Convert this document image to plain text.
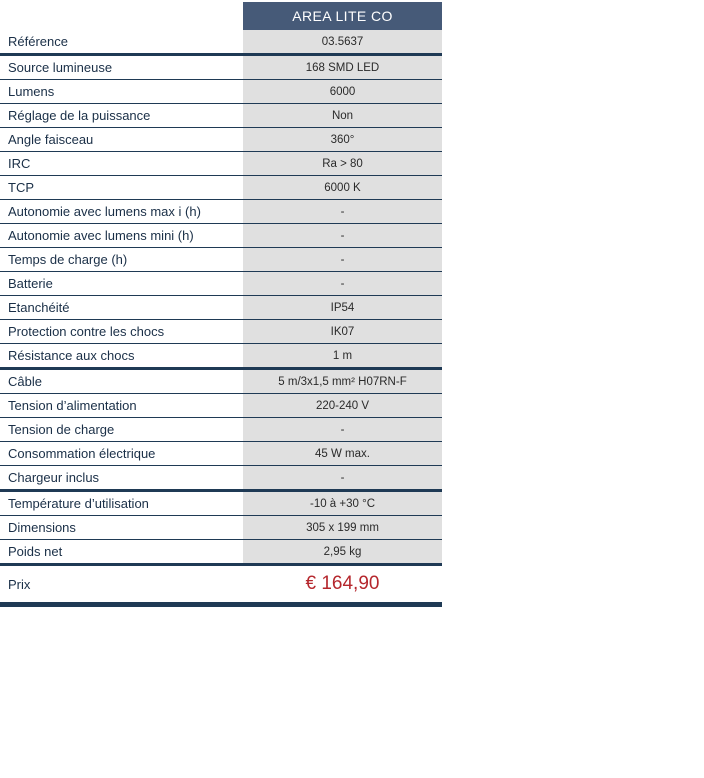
AREA LITE CO
Référence	03.5637
Source lumineuse	168 SMD LED
Lumens	6000
Réglage de la puissance	Non
Angle faisceau	360°
IRC	Ra > 80
TCP	6000 K
Autonomie avec lumens max i (h)	-
Autonomie avec lumens mini (h)	-
Temps de charge (h)	-
Batterie	-
Etanchéité	IP54
Protection contre les chocs	IK07
Résistance aux chocs	1 m
Câble	5 m/3x1,5 mm² H07RN-F
Tension d’alimentation	220-240 V
Tension de charge	-
Consommation électrique	45 W max.
Chargeur inclus	-
Température d’utilisation	-10 à +30 °C
Dimensions	305 x 199 mm
Poids net	2,95 kg
Prix	€ 164,90
